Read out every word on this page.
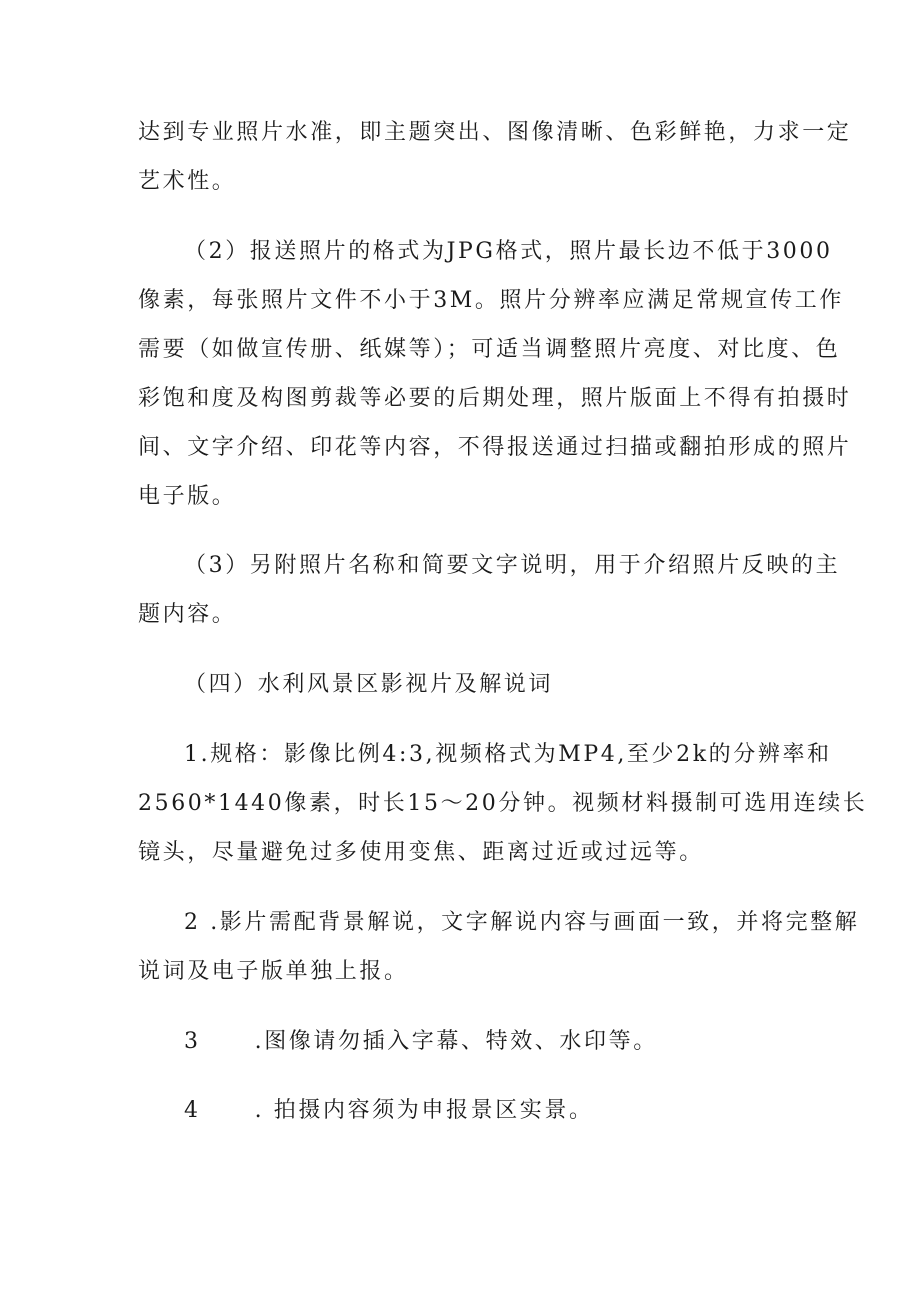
达到专业照片水准，即主题突出、图像清晰、色彩鲜艳，力求一定
艺术性。
（2）报送照片的格式为JPG格式，照片最长边不低于3000
像素，每张照片文件不小于3M。照片分辨率应满足常规宣传工作
需要（如做宣传册、纸媒等）；可适当调整照片亮度、对比度、色
彩饱和度及构图剪裁等必要的后期处理，照片版面上不得有拍摄时
间、文字介绍、印花等内容，不得报送通过扫描或翻拍形成的照片
电子版。
（3）另附照片名称和简要文字说明，用于介绍照片反映的主
题内容。
（四）水利风景区影视片及解说词
1.规格：影像比例4:3,视频格式为MP4,至少2k的分辨率和
2560*1440像素，时长15～20分钟。视频材料摄制可选用连续长
镜头，尽量避免过多使用变焦、距离过近或过远等。
2 .影片需配背景解说，文字解说内容与画面一致，并将完整解
说词及电子版单独上报。
3 .图像请勿插入字幕、特效、水印等。
4 . 拍摄内容须为申报景区实景。
